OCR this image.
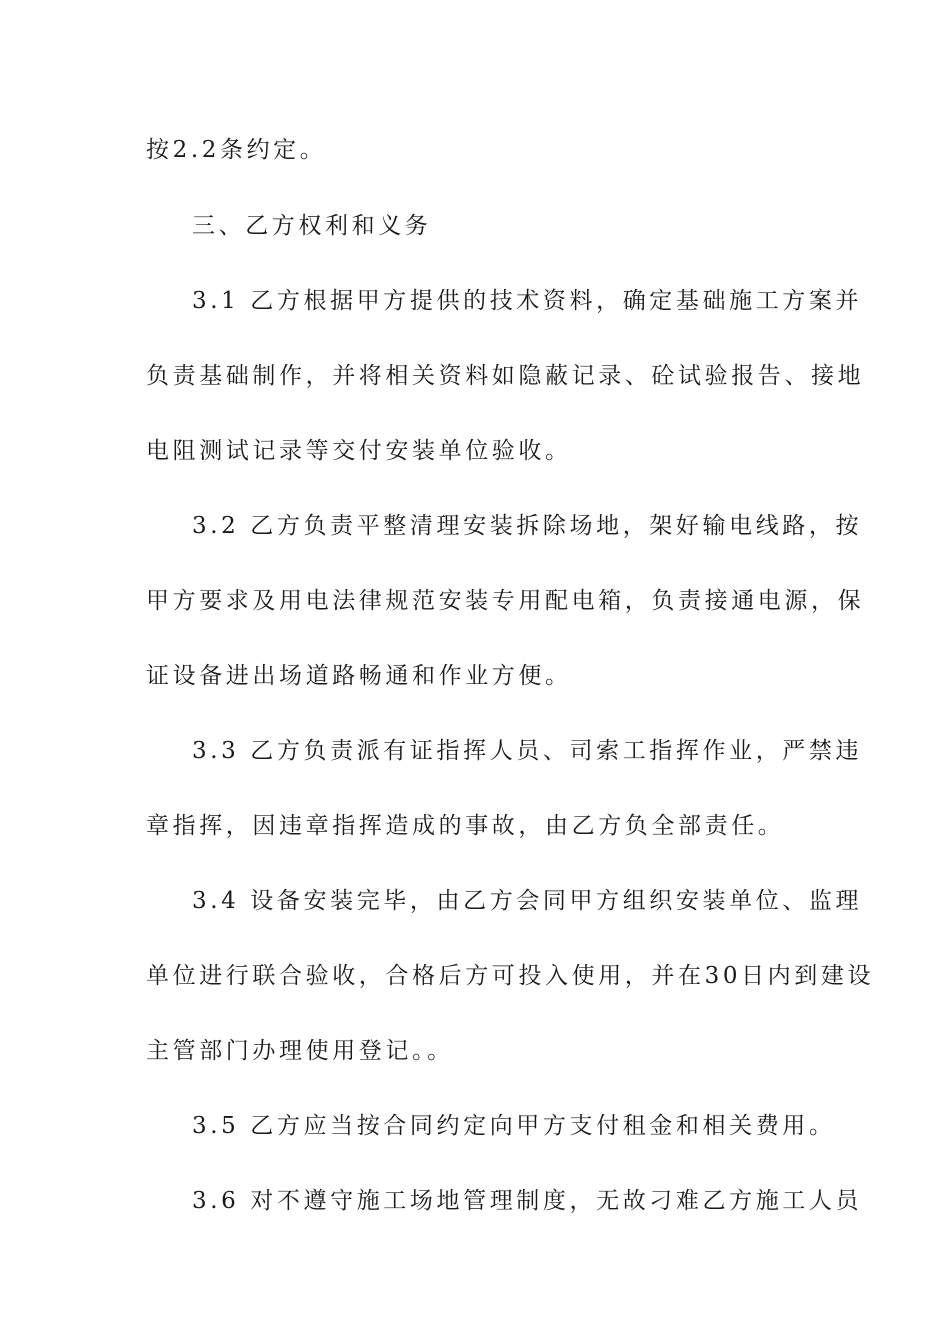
按2.2条约定。
三、乙方权利和义务
3.1 乙方根据甲方提供的技术资料，确定基础施工方案并
负责基础制作，并将相关资料如隐蔽记录、砼试验报告、接地
电阻测试记录等交付安装单位验收。
3.2 乙方负责平整清理安装拆除场地，架好输电线路，按
甲方要求及用电法律规范安装专用配电箱，负责接通电源，保
证设备进出场道路畅通和作业方便。
3.3 乙方负责派有证指挥人员、司索工指挥作业，严禁违
章指挥，因违章指挥造成的事故，由乙方负全部责任。
3.4 设备安装完毕，由乙方会同甲方组织安装单位、监理
单位进行联合验收，合格后方可投入使用，并在30日内到建设
主管部门办理使用登记。。
3.5 乙方应当按合同约定向甲方支付租金和相关费用。
3.6 对不遵守施工场地管理制度，无故刁难乙方施工人员
